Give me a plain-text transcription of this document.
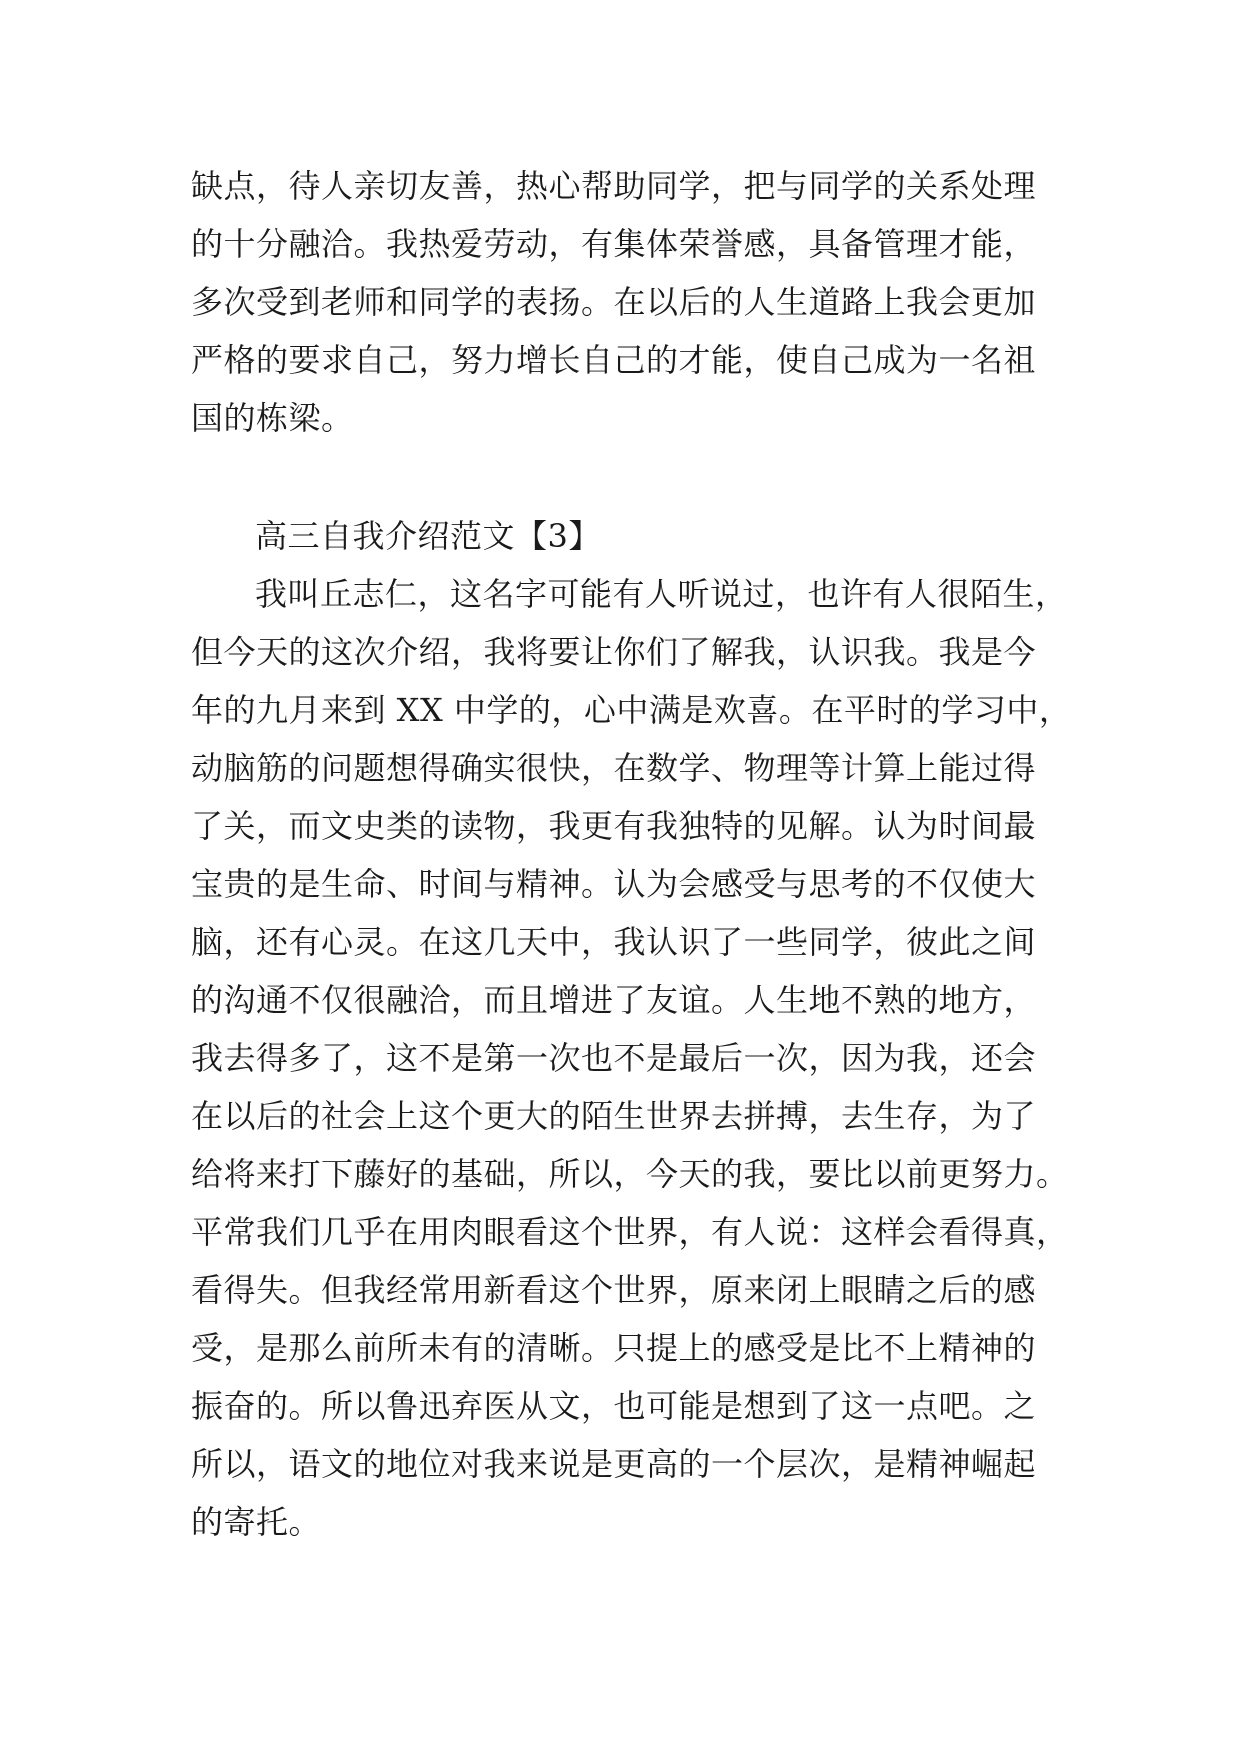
缺点，待人亲切友善，热心帮助同学，把与同学的关系处理
的十分融洽。我热爱劳动，有集体荣誉感，具备管理才能，
多次受到老师和同学的表扬。在以后的人生道路上我会更加
严格的要求自己，努力增长自己的才能，使自己成为一名祖
国的栋梁。
高三自我介绍范文【3】
我叫丘志仁，这名字可能有人听说过，也许有人很陌生，
但今天的这次介绍，我将要让你们了解我，认识我。我是今
年的九月来到 XX 中学的，心中满是欢喜。在平时的学习中，
动脑筋的问题想得确实很快，在数学、物理等计算上能过得
了关，而文史类的读物，我更有我独特的见解。认为时间最
宝贵的是生命、时间与精神。认为会感受与思考的不仅使大
脑，还有心灵。在这几天中，我认识了一些同学，彼此之间
的沟通不仅很融洽，而且增进了友谊。人生地不熟的地方，
我去得多了，这不是第一次也不是最后一次，因为我，还会
在以后的社会上这个更大的陌生世界去拼搏，去生存，为了
给将来打下藤好的基础，所以，今天的我，要比以前更努力。
平常我们几乎在用肉眼看这个世界，有人说：这样会看得真，
看得失。但我经常用新看这个世界，原来闭上眼睛之后的感
受，是那么前所未有的清晰。只提上的感受是比不上精神的
振奋的。所以鲁迅弃医从文，也可能是想到了这一点吧。之
所以，语文的地位对我来说是更高的一个层次，是精神崛起
的寄托。
